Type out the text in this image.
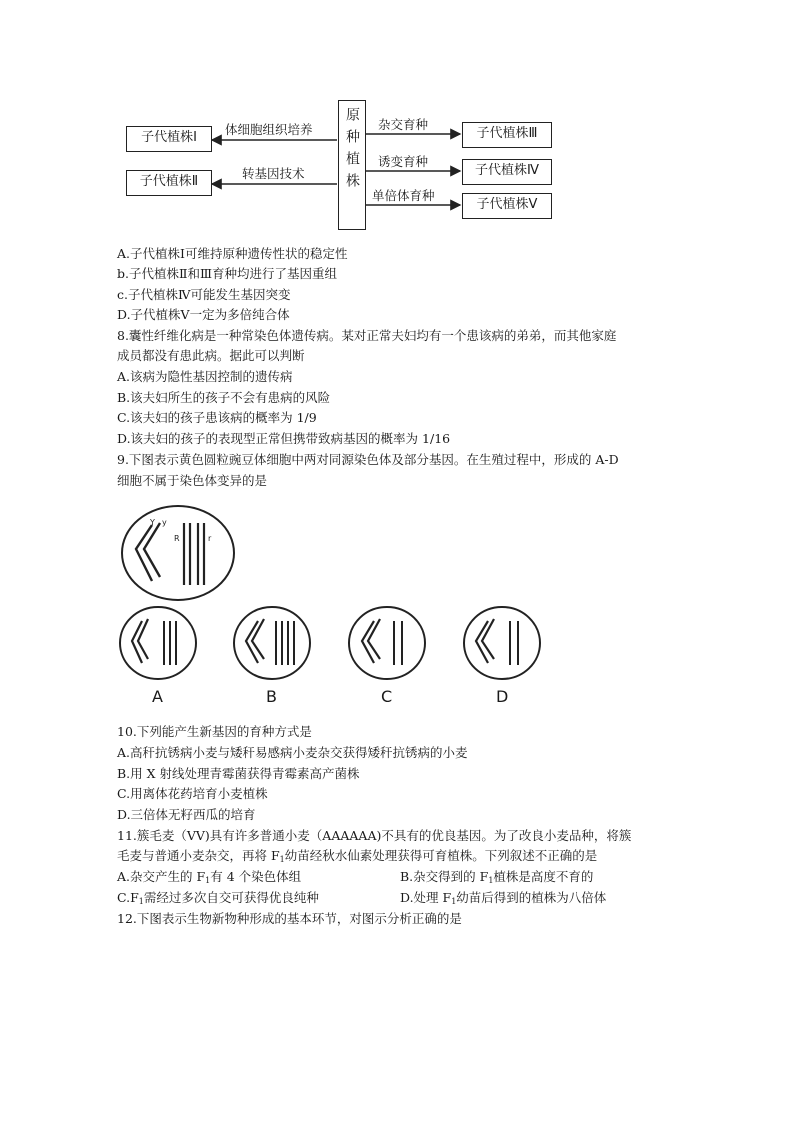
原种植株
子代植株Ⅰ
子代植株Ⅱ
体细胞组织培养
转基因技术
子代植株Ⅲ
子代植株Ⅳ
子代植株Ⅴ
杂交育种
诱变育种
单倍体育种
A.子代植株Ⅰ可维持原种遗传性状的稳定性
b.子代植株Ⅱ和Ⅲ育种均进行了基因重组
c.子代植株Ⅳ可能发生基因突变
D.子代植株Ⅴ一定为多倍纯合体
8.囊性纤维化病是一种常染色体遗传病。某对正常夫妇均有一个患该病的弟弟，而其他家庭
成员都没有患此病。据此可以判断
A.该病为隐性基因控制的遗传病
B.该夫妇所生的孩子不会有患病的风险
C.该夫妇的孩子患该病的概率为 1/9
D.该夫妇的孩子的表现型正常但携带致病基因的概率为 1/16
9.下图表示黄色圆粒豌豆体细胞中两对同源染色体及部分基因。在生殖过程中，形成的 A-D
细胞不属于染色体变异的是
Y y
R	r
A	B	C	D
10.下列能产生新基因的育种方式是
A.高秆抗锈病小麦与矮秆易感病小麦杂交获得矮秆抗锈病的小麦
B.用 X 射线处理青霉菌获得青霉素高产菌株
C.用离体花药培育小麦植株
D.三倍体无籽西瓜的培育
11.簇毛麦（VV)具有许多普通小麦（AAAAAA)不具有的优良基因。为了改良小麦品种，将簇
毛麦与普通小麦杂交，再将 $F_1$幼苗经秋水仙素处理获得可育植株。下列叙述不正确的是
A.杂交产生的 $F_1$有 4 个染色体组	B.杂交得到的 $F_1$植株是高度不育的
$C.F_1$需经过多次自交可获得优良纯种	D.处理 $F_1$幼苗后得到的植株为八倍体
12.下图表示生物新物种形成的基本环节，对图示分析正确的是
